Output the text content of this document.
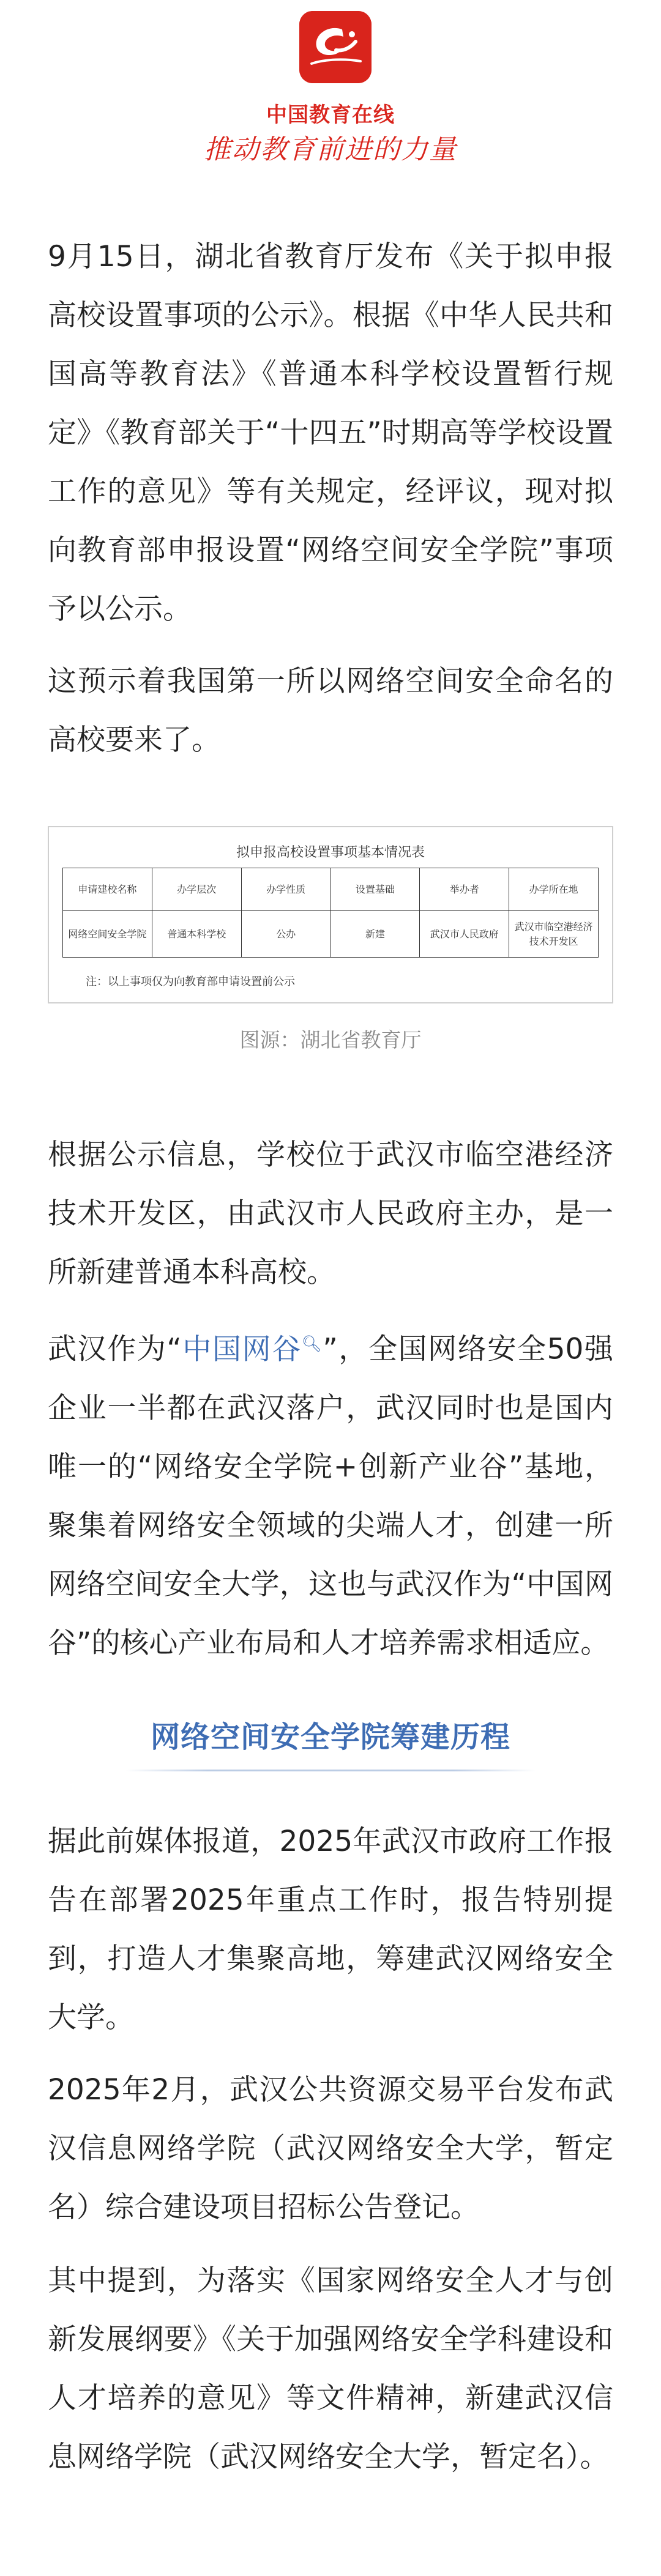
中国教育在线
推动教育前进的力量

9月15日，湖北省教育厅发布《关于拟申报高校设置事项的公示》。根据《中华人民共和国高等教育法》《普通本科学校设置暂行规定》《教育部关于“十四五”时期高等学校设置工作的意见》等有关规定，经评议，现对拟向教育部申报设置“网络空间安全学院”事项予以公示。

这预示着我国第一所以网络空间安全命名的高校要来了。

拟申报高校设置事项基本情况表
申请建校名称	办学层次	办学性质	设置基础	举办者	办学所在地
网络空间安全学院	普通本科学校	公办	新建	武汉市人民政府	武汉市临空港经济技术开发区
注：以上事项仅为向教育部申请设置前公示
图源：湖北省教育厅

根据公示信息，学校位于武汉市临空港经济技术开发区，由武汉市人民政府主办，是一所新建普通本科高校。

武汉作为“中国网谷🔍︎”，全国网络安全50强企业一半都在武汉落户，武汉同时也是国内唯一的“网络安全学院+创新产业谷”基地，聚集着网络安全领域的尖端人才，创建一所网络空间安全大学，这也与武汉作为“中国网谷”的核心产业布局和人才培养需求相适应。

网络空间安全学院筹建历程

据此前媒体报道，2025年武汉市政府工作报告在部署2025年重点工作时，报告特别提到，打造人才集聚高地，筹建武汉网络安全大学。

2025年2月，武汉公共资源交易平台发布武汉信息网络学院（武汉网络安全大学，暂定名）综合建设项目招标公告登记。

其中提到，为落实《国家网络安全人才与创新发展纲要》《关于加强网络安全学科建设和人才培养的意见》等文件精神，新建武汉信息网络学院（武汉网络安全大学，暂定名）。
